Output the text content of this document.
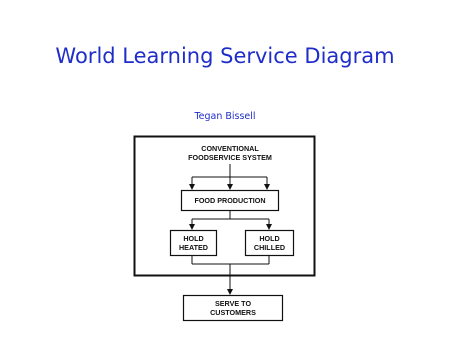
World Learning Service Diagram
Tegan Bissell
CONVENTIONAL
FOODSERVICE SYSTEM
FOOD PRODUCTION
HOLD
HEATED
HOLD
CHILLED
SERVE TO
CUSTOMERS
